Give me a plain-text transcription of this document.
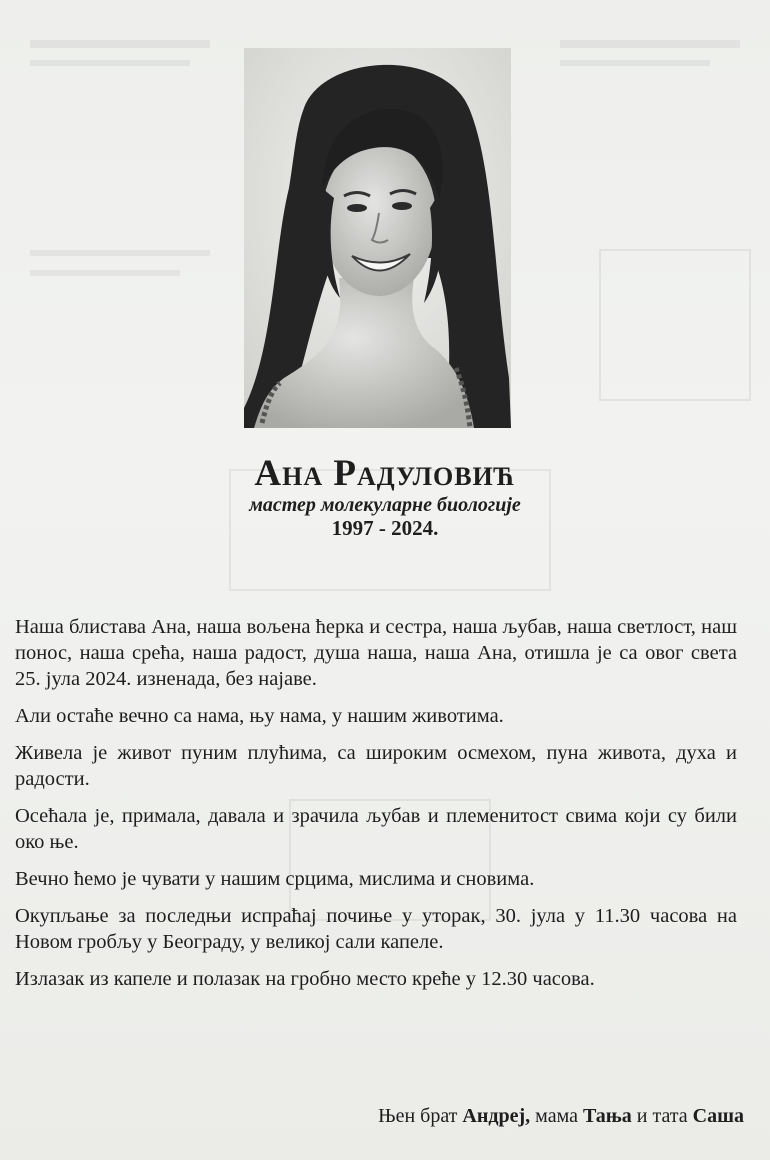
Ана Радуловић
мастер молекуларне биологије
1997 - 2024.

Наша блистава Ана, наша вољена ћерка и сестра, наша љубав, наша светлост, наш понос, наша срећа, наша радост, душа наша, наша Ана, отишла је са овог света 25. јула 2024. изненада, без најаве.

Али остаће вечно са нама, њу нама, у нашим животима.

Живела је живот пуним плућима, са широким осмехом, пуна живота, духа и радости.

Осећала је, примала, давала и зрачила љубав и племенитост свима који су били око ње.

Вечно ћемо је чувати у нашим срцима, мислима и сновима.

Окупљање за последњи испраћај почиње у уторак, 30. јула у 11.30 часова на Новом гробљу у Београду, у великој сали капеле.

Излазак из капеле и полазак на гробно место креће у 12.30 часова.

Њен брат Андреј, мама Тања и тата Саша
